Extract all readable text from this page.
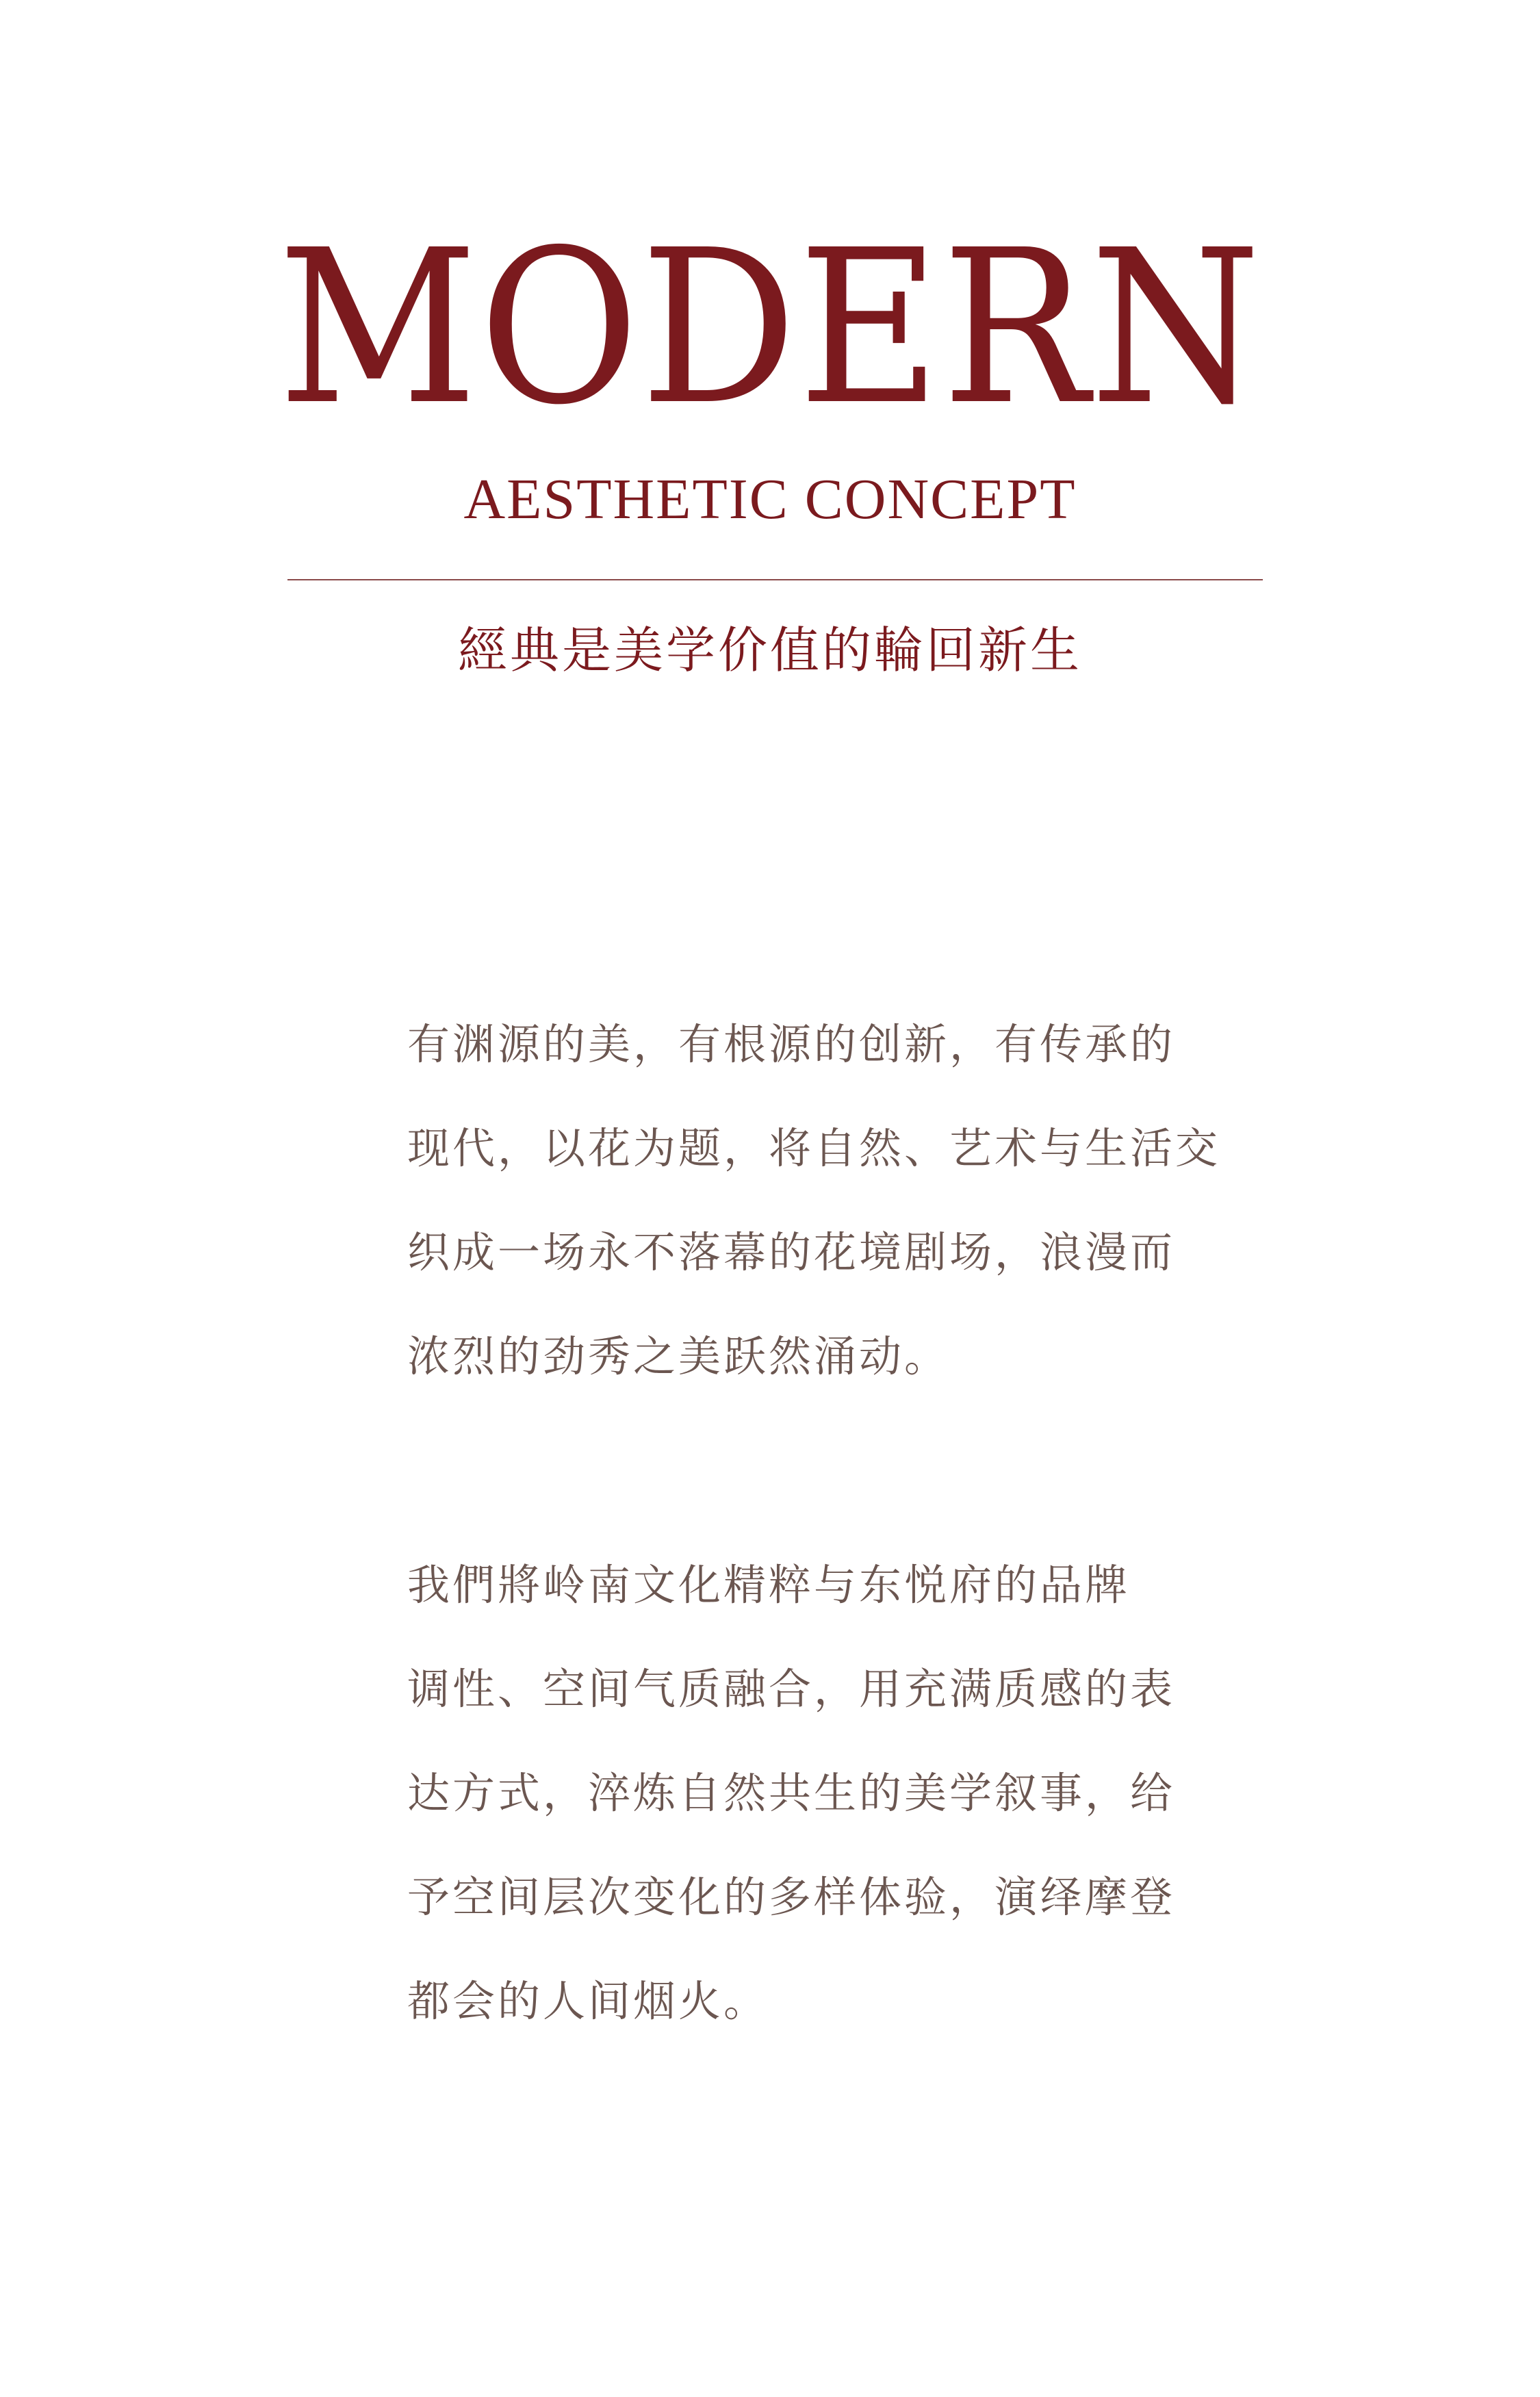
MODERN
AESTHETIC CONCEPT
經典是美学价值的輪回新生
有渊源的美，有根源的创新，有传承的
现代，以花为题，将自然、艺术与生活交
织成一场永不落幕的花境剧场，浪漫而
浓烈的劲秀之美跃然涌动。
我們將岭南文化精粹与东悦府的品牌
调性、空间气质融合，用充满质感的表
达方式，淬炼自然共生的美学叙事，给
予空间层次变化的多样体验，演绎摩登
都会的人间烟火。
